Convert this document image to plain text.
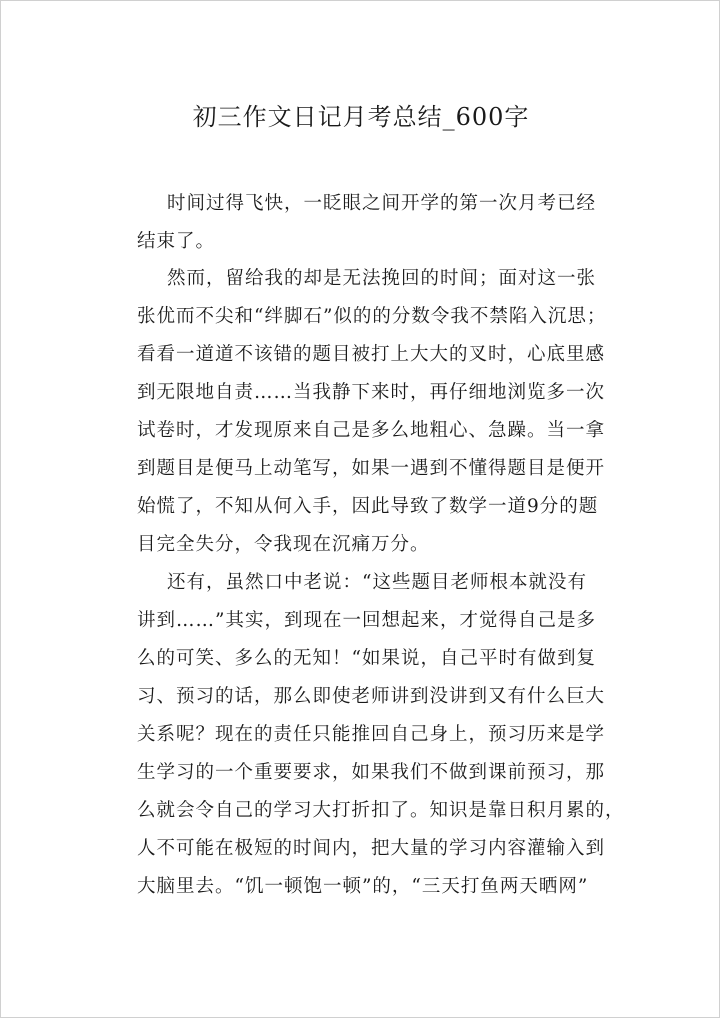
初三作文日记月考总结_600字
时间过得飞快，一眨眼之间开学的第一次月考已经
结束了。
然而，留给我的却是无法挽回的时间；面对这一张
张优而不尖和“绊脚石”似的的分数令我不禁陷入沉思；
看看一道道不该错的题目被打上大大的叉时，心底里感
到无限地自责……当我静下来时，再仔细地浏览多一次
试卷时，才发现原来自己是多么地粗心、急躁。当一拿
到题目是便马上动笔写，如果一遇到不懂得题目是便开
始慌了，不知从何入手，因此导致了数学一道9分的题
目完全失分，令我现在沉痛万分。
还有，虽然口中老说：“这些题目老师根本就没有
讲到……”其实，到现在一回想起来，才觉得自己是多
么的可笑、多么的无知！“如果说，自己平时有做到复
习、预习的话，那么即使老师讲到没讲到又有什么巨大
关系呢？现在的责任只能推回自己身上，预习历来是学
生学习的一个重要要求，如果我们不做到课前预习，那
么就会令自己的学习大打折扣了。知识是靠日积月累的，
人不可能在极短的时间内，把大量的学习内容灌输入到
大脑里去。“饥一顿饱一顿”的，“三天打鱼两天晒网”
